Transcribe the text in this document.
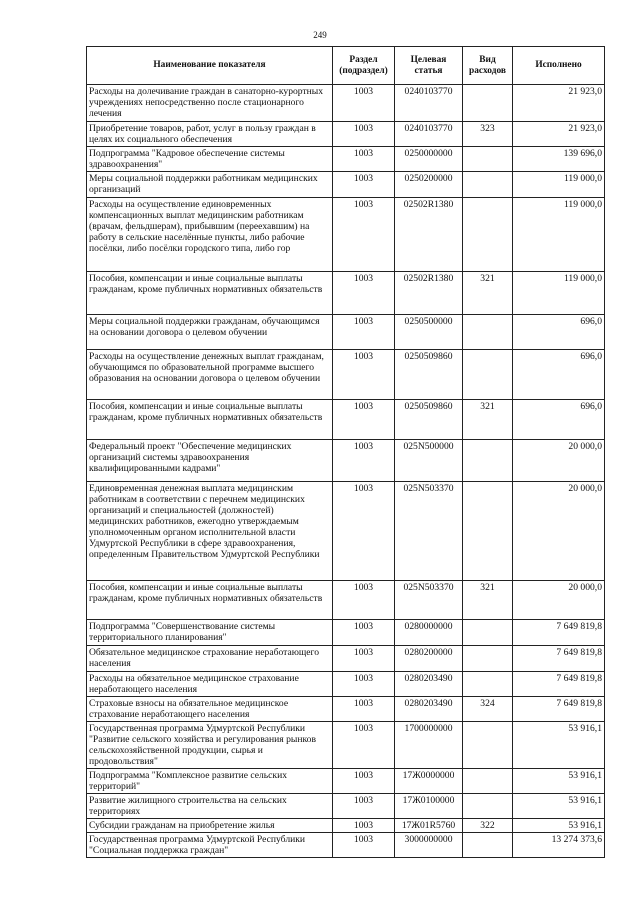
249
Наименование показателя	Раздел (подраздел)	Целевая статья	Вид расходов	Исполнено
Расходы на долечивание граждан в санаторно-курортных учреждениях непосредственно после стационарного лечения	1003	0240103770		21 923,0
Приобретение товаров, работ, услуг в пользу граждан в целях их социального обеспечения	1003	0240103770	323	21 923,0
Подпрограмма "Кадровое обеспечение системы здравоохранения"	1003	0250000000		139 696,0
Меры социальной поддержки работникам медицинских организаций	1003	0250200000		119 000,0
Расходы на осуществление единовременных компенсационных выплат медицинским работникам (врачам, фельдшерам), прибывшим (переехавшим) на работу в сельские населённые пункты, либо рабочие посёлки, либо посёлки городского типа, либо гор	1003	02502R1380		119 000,0
Пособия, компенсации и иные социальные выплаты гражданам, кроме публичных нормативных обязательств	1003	02502R1380	321	119 000,0
Меры социальной поддержки гражданам, обучающимся на основании договора о целевом обучении	1003	0250500000		696,0
Расходы на осуществление денежных выплат гражданам, обучающимся по образовательной программе высшего образования на основании договора о целевом обучении	1003	0250509860		696,0
Пособия, компенсации и иные социальные выплаты гражданам, кроме публичных нормативных обязательств	1003	0250509860	321	696,0
Федеральный проект "Обеспечение медицинских организаций системы здравоохранения квалифицированными кадрами"	1003	025N500000		20 000,0
Единовременная денежная выплата медицинским работникам в соответствии с перечнем медицинских организаций и специальностей (должностей) медицинских работников, ежегодно утверждаемым уполномоченным органом исполнительной власти Удмуртской Республики в сфере здравоохранения, определенным Правительством Удмуртской Республики	1003	025N503370		20 000,0
Пособия, компенсации и иные социальные выплаты гражданам, кроме публичных нормативных обязательств	1003	025N503370	321	20 000,0
Подпрограмма "Совершенствование системы территориального планирования"	1003	0280000000		7 649 819,8
Обязательное медицинское страхование неработающего населения	1003	0280200000		7 649 819,8
Расходы на обязательное медицинское страхование неработающего населения	1003	0280203490		7 649 819,8
Страховые взносы на обязательное медицинское страхование неработающего населения	1003	0280203490	324	7 649 819,8
Государственная программа Удмуртской Республики "Развитие сельского хозяйства и регулирования рынков сельскохозяйственной продукции, сырья и продовольствия"	1003	1700000000		53 916,1
Подпрограмма "Комплексное развитие сельских территорий"	1003	17Ж0000000		53 916,1
Развитие жилищного строительства на сельских территориях	1003	17Ж0100000		53 916,1
Субсидии гражданам на приобретение жилья	1003	17Ж01R5760	322	53 916,1
Государственная программа Удмуртской Республики "Социальная поддержка граждан"	1003	3000000000		13 274 373,6
